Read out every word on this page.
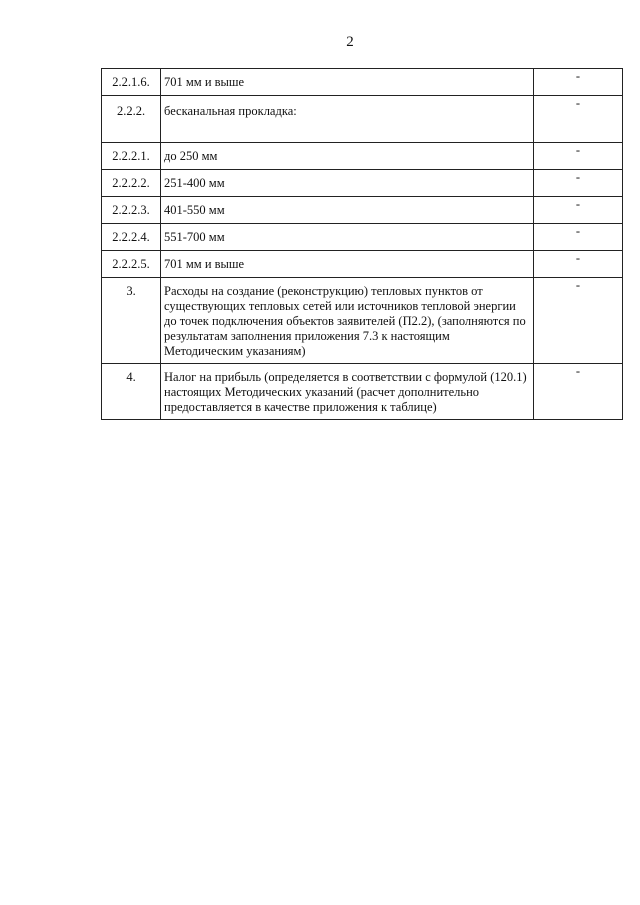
2
2.2.1.6.	701 мм и выше	-
2.2.2.	бесканальная прокладка:	-
2.2.2.1.	до 250 мм	-
2.2.2.2.	251-400 мм	-
2.2.2.3.	401-550 мм	-
2.2.2.4.	551-700 мм	-
2.2.2.5.	701 мм и выше	-
3.	Расходы на создание (реконструкцию) тепловых пунктов от существующих тепловых сетей или источников тепловой энергии до точек подключения объектов заявителей (П2.2), (заполняются по результатам заполнения приложения 7.3 к настоящим Методическим указаниям)	-
4.	Налог на прибыль (определяется в соответствии с формулой (120.1) настоящих Методических указаний (расчет дополнительно предоставляется в качестве приложения к таблице)	-
